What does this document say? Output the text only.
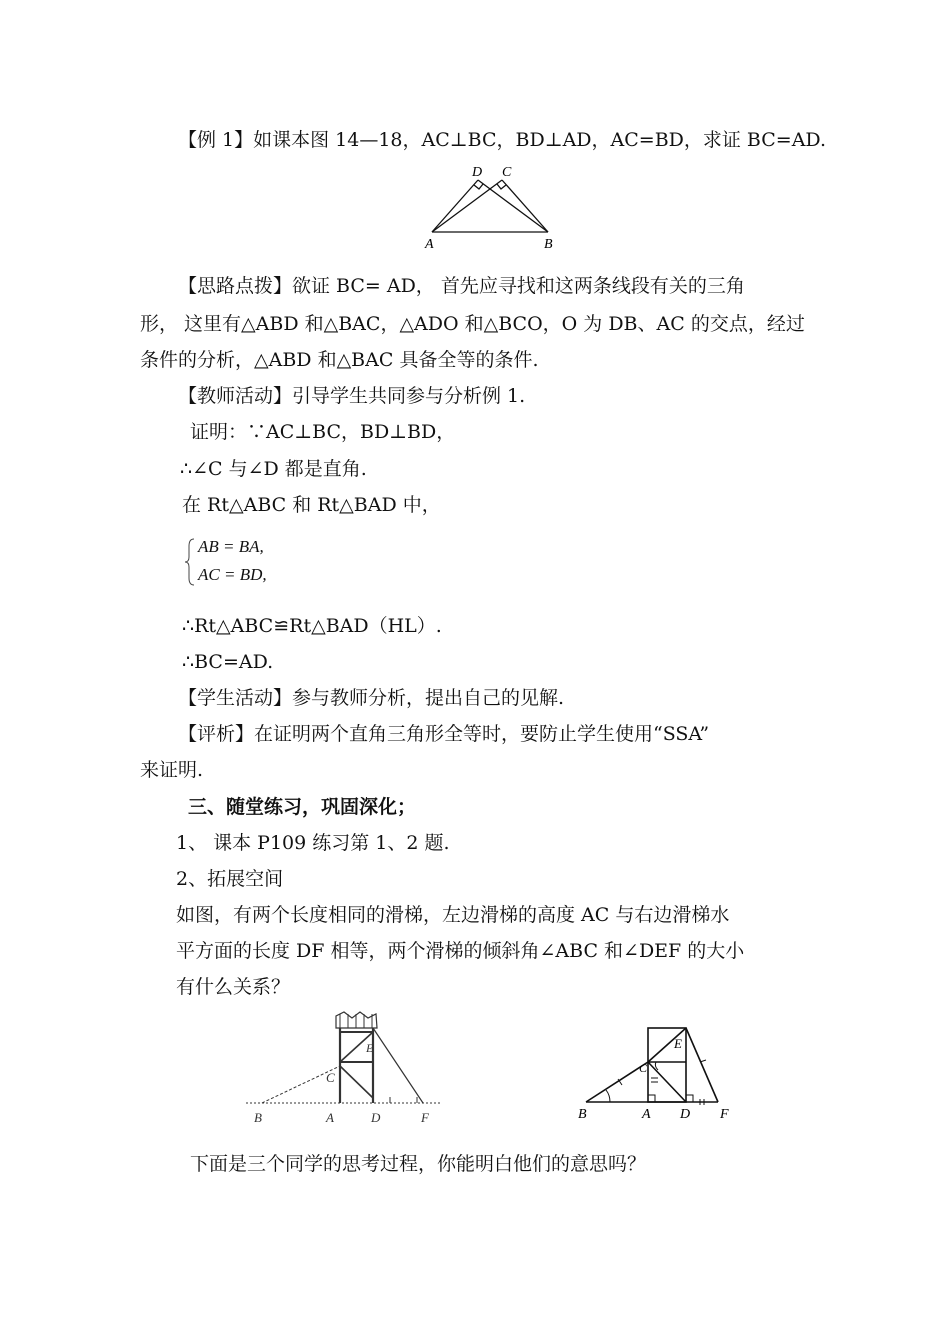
【例 1】如课本图 14—18，AC⊥BC，BD⊥AD，AC=BD，求证 BC=AD.
D C
A	B
【思路点拨】欲证 BC= AD， 首先应寻找和这两条线段有关的三角
形， 这里有△ABD 和△BAC，△ADO 和△BCO，O 为 DB、AC 的交点，经过
条件的分析，△ABD 和△BAC 具备全等的条件.
【教师活动】引导学生共同参与分析例 1.
证明：∵AC⊥BC，BD⊥BD，
∴∠C 与∠D 都是直角.
在 Rt△ABC 和 Rt△BAD 中，
AB = BA,
AC = BD,
∴Rt△ABC≌Rt△BAD（HL）.
∴BC=AD.
【学生活动】参与教师分析，提出自己的见解.
【评析】在证明两个直角三角形全等时，要防止学生使用“SSA”
来证明.
三、随堂练习，巩固深化；
1、 课本 P109 练习第 1、2 题.
2、拓展空间
如图，有两个长度相同的滑梯，左边滑梯的高度 AC 与右边滑梯水
平方面的长度 DF 相等，两个滑梯的倾斜角∠ABC 和∠DEF 的大小
有什么关系？
B	A	D	F
C
E
B	A D F
C
E
下面是三个同学的思考过程，你能明白他们的意思吗？
